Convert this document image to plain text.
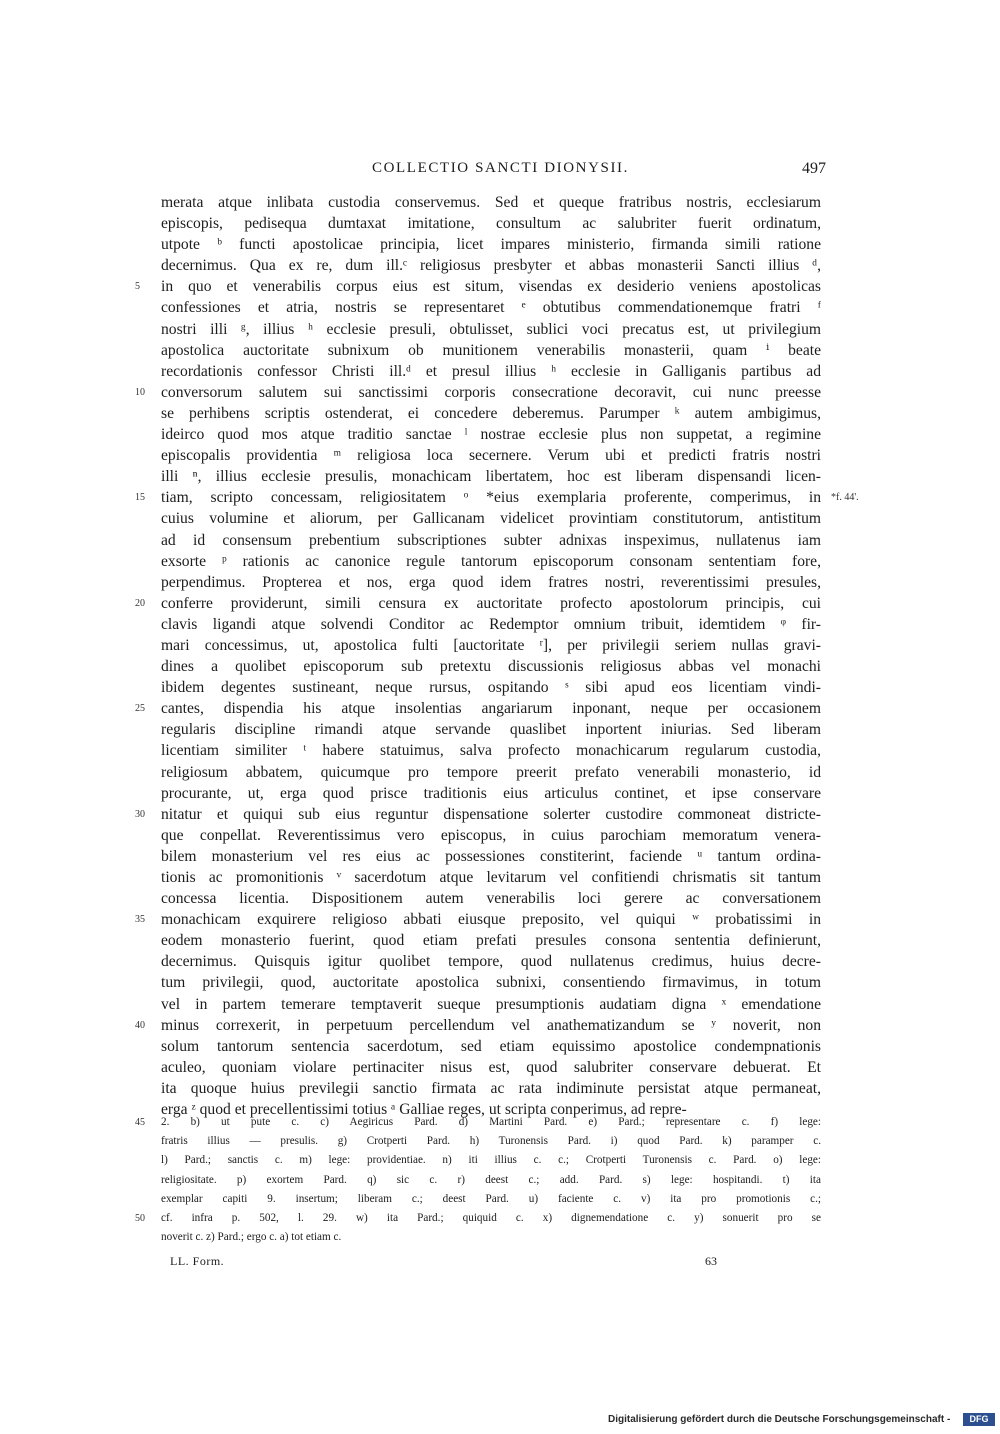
COLLECTIO SANCTI DIONYSII.	497
merata atque inlibata custodia conservemus. Sed et queque fratribus nostris, ecclesiarum
episcopis, pedisequa dumtaxat imitatione, consultum ac salubriter fuerit ordinatum,
utpote ᵇ functi apostolicae principia, licet impares ministerio, firmanda simili ratione
decernimus. Qua ex re, dum ill.ᶜ religiosus presbyter et abbas monasterii Sancti illius ᵈ,
5	in quo et venerabilis corpus eius est situm, visendas ex desiderio veniens apostolicas
confessiones et atria, nostris se representaret ᵉ obtutibus commendationemque fratri ᶠ
nostri illi ᵍ, illius ʰ ecclesie presuli, obtulisset, sublici voci precatus est, ut privilegium
apostolica auctoritate subnixum ob munitionem venerabilis monasterii, quam ⁱ beate
recordationis confessor Christi ill.ᵈ et presul illius ʰ ecclesie in Galliganis partibus ad
10	conversorum salutem sui sanctissimi corporis consecratione decoravit, cui nunc preesse
se perhibens scriptis ostenderat, ei concedere deberemus. Parumper ᵏ autem ambigimus,
ideirco quod mos atque traditio sanctae ˡ nostrae ecclesie plus non suppetat, a regimine
episcopalis providentia ᵐ religiosa loca secernere. Verum ubi et predicti fratris nostri
illi ⁿ, illius ecclesie presulis, monachicam libertatem, hoc est liberam dispensandi licen-
15	tiam, scripto concessam, religiositatem ᵒ *eius exemplaria proferente, comperimus, in *f. 44'.
cuius volumine et aliorum, per Gallicanam videlicet provintiam constitutorum, antistitum
ad id consensum prebentium subscriptiones subter adnixas inspeximus, nullatenus iam
exsorte ᵖ rationis ac canonice regule tantorum episcoporum consonam sententiam fore,
perpendimus. Propterea et nos, erga quod idem fratres nostri, reverentissimi presules,
20	conferre providerunt, simili censura ex auctoritate profecto apostolorum principis, cui
clavis ligandi atque solvendi Conditor ac Redemptor omnium tribuit, idemtidem ᵠ fir-
mari concessimus, ut, apostolica fulti [auctoritate ʳ], per privilegii seriem nullas gravi-
dines a quolibet episcoporum sub pretextu discussionis religiosus abbas vel monachi
ibidem degentes sustineant, neque rursus, ospitando ˢ sibi apud eos licentiam vindi-
25	cantes, dispendia his atque insolentias angariarum inponant, neque per occasionem
regularis discipline rimandi atque servande quaslibet inportent iniurias. Sed liberam
licentiam similiter ᵗ habere statuimus, salva profecto monachicarum regularum custodia,
religiosum abbatem, quicumque pro tempore preerit prefato venerabili monasterio, id
procurante, ut, erga quod prisce traditionis eius articulus continet, et ipse conservare
30	nitatur et quiqui sub eius reguntur dispensatione solerter custodire commoneat districte-
que conpellat. Reverentissimus vero episcopus, in cuius parochiam memoratum venera-
bilem monasterium vel res eius ac possessiones constiterint, faciende ᵘ tantum ordina-
tionis ac promonitionis ᵛ sacerdotum atque levitarum vel confitiendi chrismatis sit tantum
concessa licentia. Dispositionem autem venerabilis loci gerere ac conversationem
35	monachicam exquirere religioso abbati eiusque preposito, vel quiqui ʷ probatissimi in
eodem monasterio fuerint, quod etiam prefati presules consona sententia definierunt,
decernimus. Quisquis igitur quolibet tempore, quod nullatenus credimus, huius decre-
tum privilegii, quod, auctoritate apostolica subnixi, consentiendo firmavimus, in totum
vel in partem temerare temptaverit sueque presumptionis audatiam digna ˣ emendatione
40	minus correxerit, in perpetuum percellendum vel anathematizandum se ʸ noverit, non
solum tantorum sentencia sacerdotum, sed etiam equissimo apostolice condempnationis
aculeo, quoniam violare pertinaciter nisus est, quod salubriter conservare debuerat. Et
ita quoque huius previlegii sanctio firmata ac rata indiminute persistat atque permaneat,
erga ᶻ quod et precellentissimi totius ᵃ Galliae reges, ut scripta conperimus, ad repre-
45	2. b) ut pute c. c) Aegiricus Pard. d) Martini Pard. e) Pard.; representare c. f) lege:
fratris illius — presulis. g) Crotperti Pard. h) Turonensis Pard. i) quod Pard. k) paramper c.
l) Pard.; sanctis c. m) lege: providentiae. n) iti illius c. c.; Crotperti Turonensis c. Pard. o) lege:
religiositate. p) exortem Pard. q) sic c. r) deest c.; add. Pard. s) lege: hospitandi. t) ita
exemplar capiti 9. insertum; liberam c.; deest Pard. u) faciente c. v) ita pro promotionis c.;
50	cf. infra p. 502, l. 29. w) ita Pard.; quiquid c. x) dignemendatione c. y) sonuerit pro se
noverit c. z) Pard.; ergo c. a) tot etiam c.
LL. Form.	63
Digitalisierung gefördert durch die Deutsche Forschungsgemeinschaft -	DFG
